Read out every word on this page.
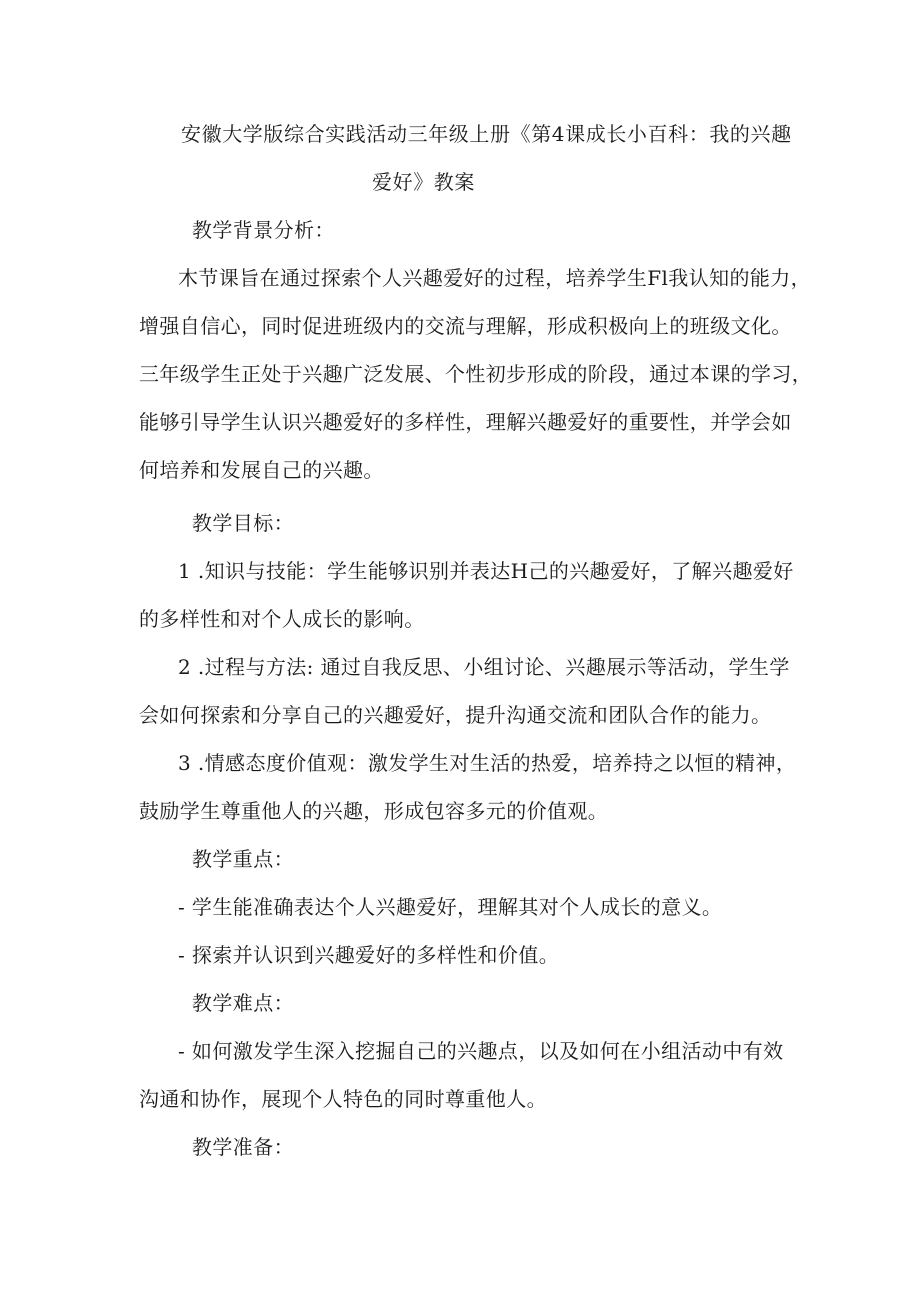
安徽大学版综合实践活动三年级上册《第4课成长小百科：我的兴趣
爱好》教案
教学背景分析：
木节课旨在通过探索个人兴趣爱好的过程，培养学生Fl我认知的能力，
增强自信心，同时促进班级内的交流与理解，形成积极向上的班级文化。
三年级学生正处于兴趣广泛发展、个性初步形成的阶段，通过本课的学习，
能够引导学生认识兴趣爱好的多样性，理解兴趣爱好的重要性，并学会如
何培养和发展自己的兴趣。
教学目标：
1 .知识与技能：学生能够识别并表达H己的兴趣爱好，了解兴趣爱好
的多样性和对个人成长的影响。
2 .过程与方法: 通过自我反思、小组讨论、兴趣展示等活动，学生学
会如何探索和分享自己的兴趣爱好，提升沟通交流和团队合作的能力。
3 .情感态度价值观：激发学生对生活的热爱，培养持之以恒的精神，
鼓励学生尊重他人的兴趣，形成包容多元的价值观。
教学重点：
- 学生能准确表达个人兴趣爱好，理解其对个人成长的意义。
- 探索并认识到兴趣爱好的多样性和价值。
教学难点：
- 如何激发学生深入挖掘自己的兴趣点，以及如何在小组活动中有效
沟通和协作，展现个人特色的同时尊重他人。
教学准备：
